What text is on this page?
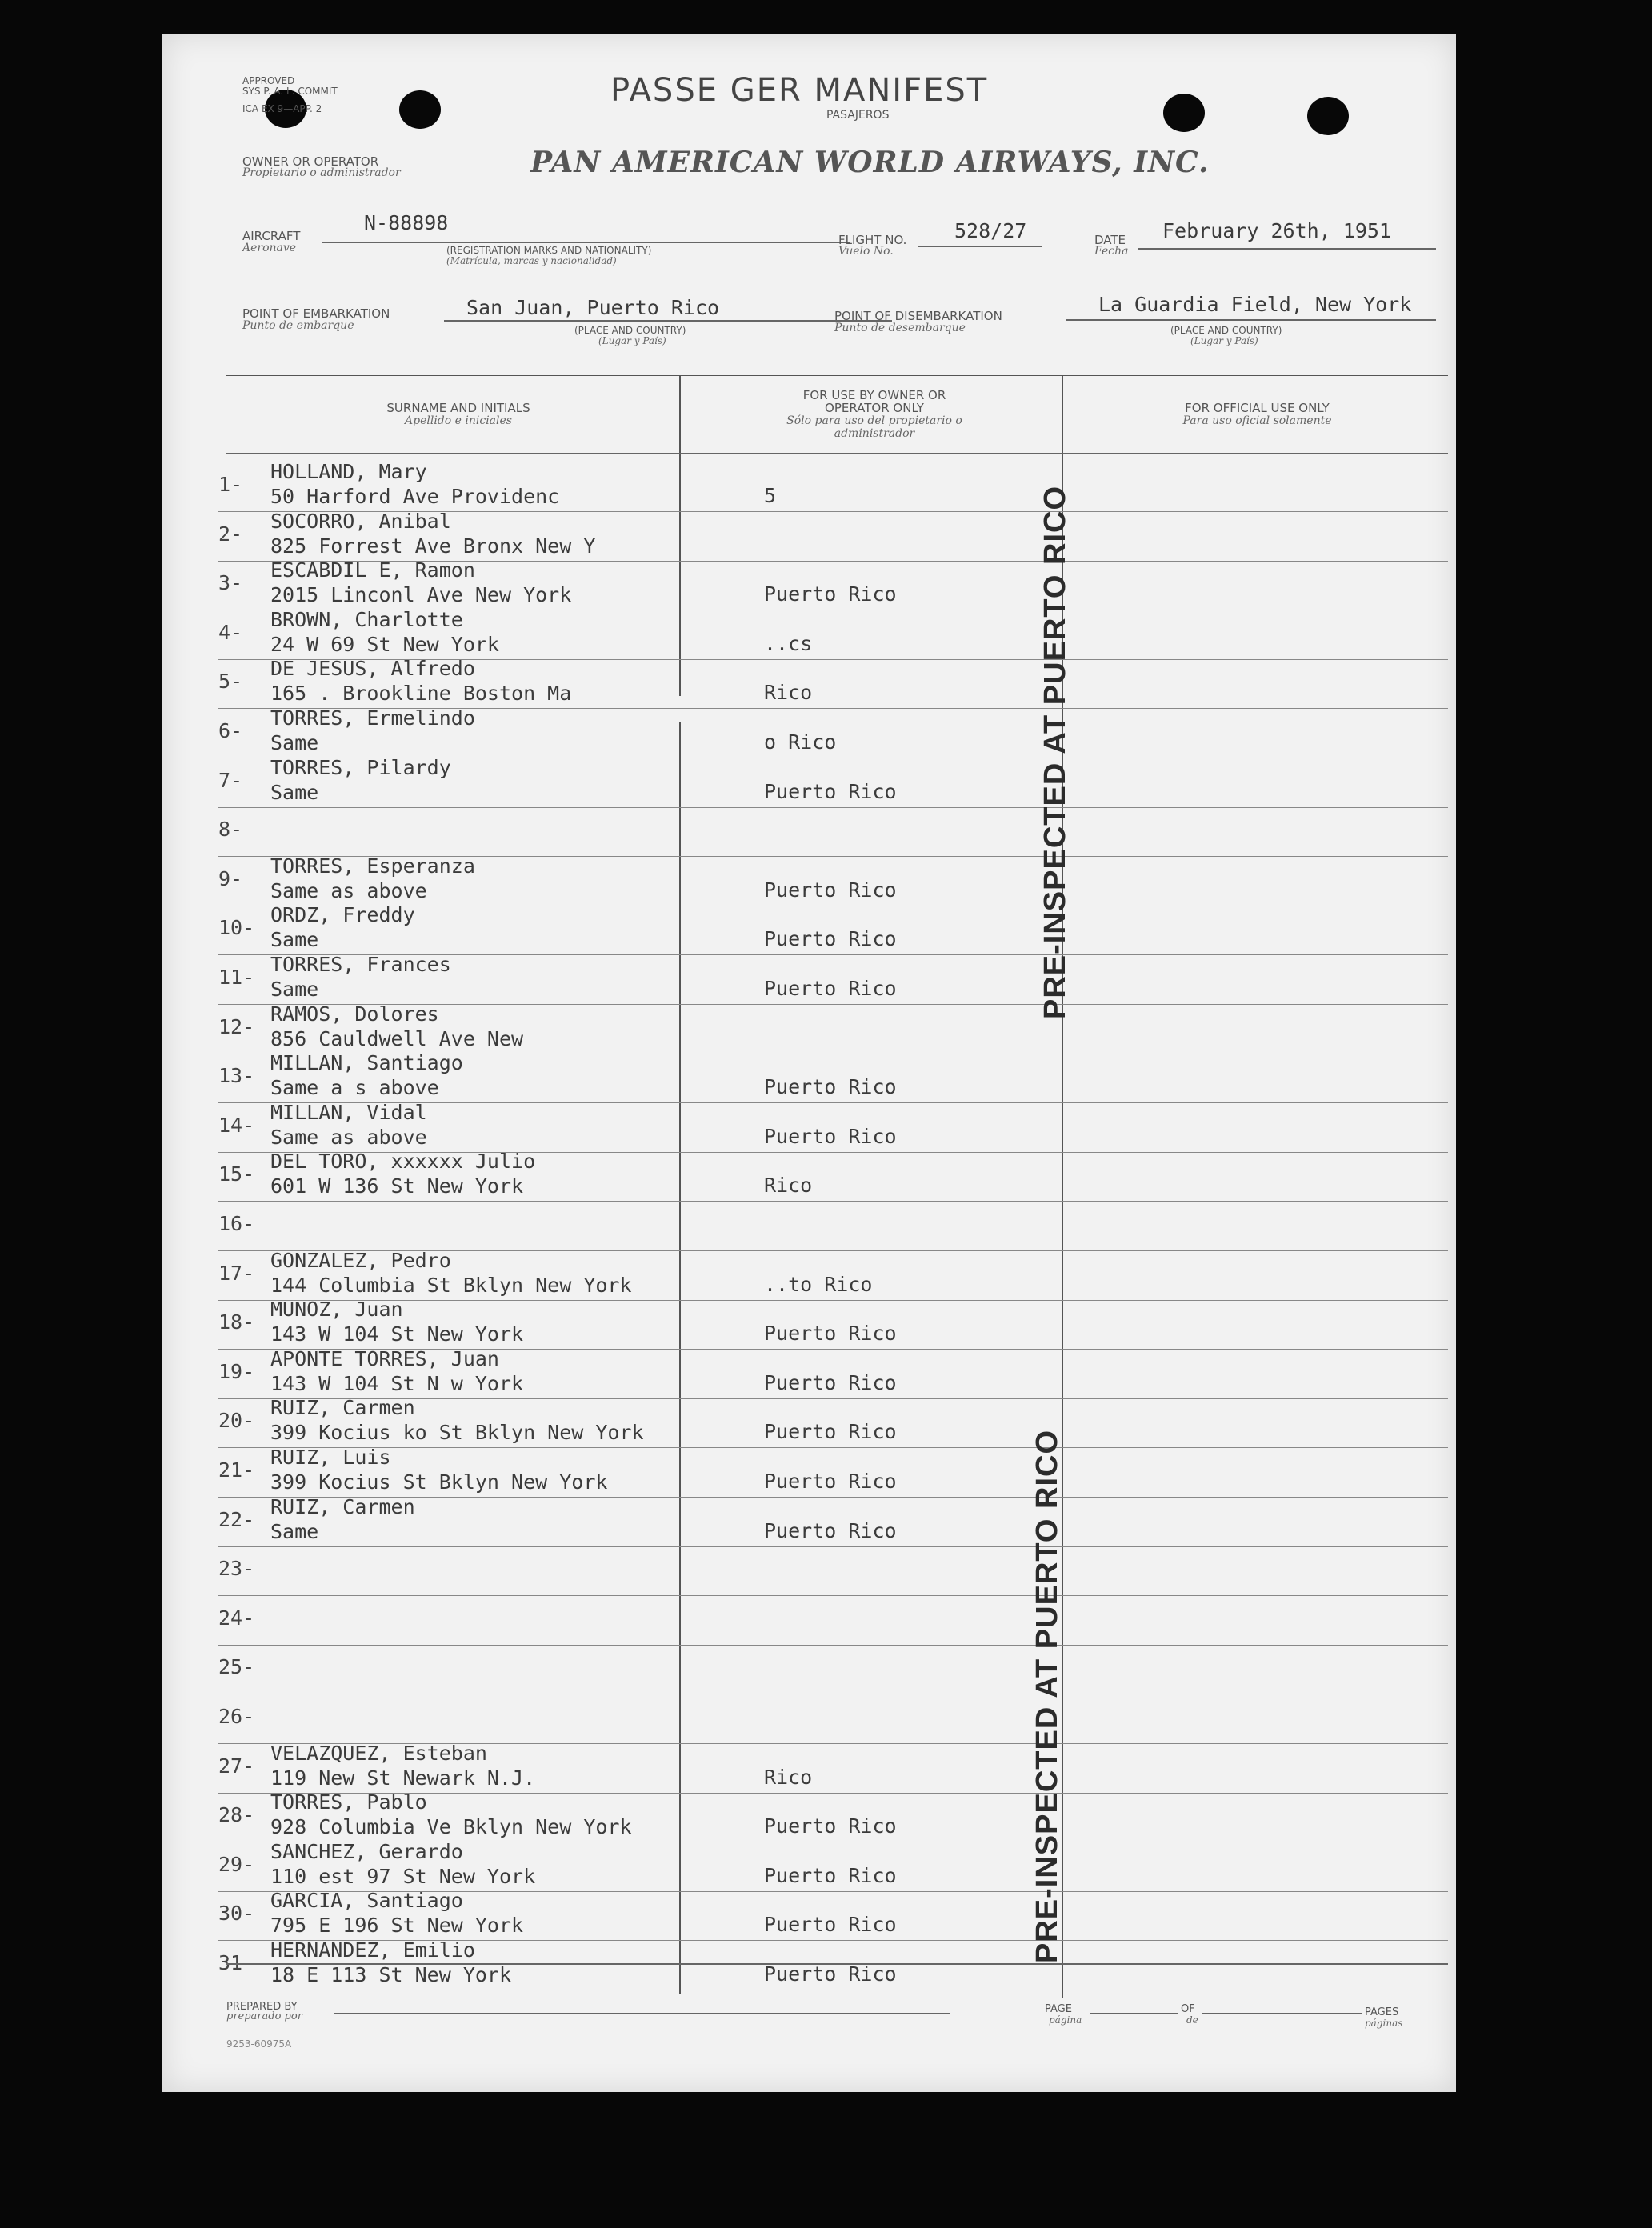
APPROVED
SYS P. A. L. COMMIT
ICA EX 9—APP. 2	PASSE GER MANIFEST
PASAJEROS
OWNER OR OPERATOR
Propietario o administrador	PAN AMERICAN WORLD AIRWAYS, INC.
AIRCRAFT
Aeronave
N-88898
(REGISTRATION MARKS AND NATIONALITY)
(Matrícula, marcas y nacionalidad)
FLIGHT NO.
Vuelo No.
528/27	DATE
Fecha
February 26th, 1951
POINT OF EMBARKATION
Punto de embarque
San Juan, Puerto Rico
(PLACE AND COUNTRY)
(Lugar y País)
POINT OF DISEMBARKATION
Punto de desembarque
La Guardia Field, New York
(PLACE AND COUNTRY)
(Lugar y País)
SURNAME AND INITIALS
Apellido e iniciales
FOR USE BY OWNER OR OPERATOR ONLY
Sólo para uso del propietario o administrador
FOR OFFICIAL USE ONLY
Para uso oficial solamente
1-
HOLLAND, Mary
50 Harford Ave Providenc	5
2-
SOCORRO, Anibal
825 Forrest Ave Bronx New Y
3-
ESCABDIL E, Ramon
2015 Linconl Ave New York	Puerto Rico
4-
BROWN, Charlotte
24 W 69 St New York	..cs
5-
DE JESUS, Alfredo
165 . Brookline Boston Ma	Rico
6-
TORRES, Ermelindo
Same	o Rico
7-
TORRES, Pilardy
Same	Puerto Rico
8-
9-
TORRES, Esperanza
Same as above	Puerto Rico
10-
ORDZ, Freddy
Same	Puerto Rico
11-
TORRES, Frances
Same	Puerto Rico
12-
RAMOS, Dolores
856 Cauldwell Ave New
13-
MILLAN, Santiago
Same a s above	Puerto Rico
14-
MILLAN, Vidal
Same as above	Puerto Rico
15-
DEL TORO, xxxxxx Julio
601 W 136 St New York	Rico
16-
17-
GONZALEZ, Pedro
144 Columbia St Bklyn New York	..to Rico
18-
MUNOZ, Juan
143 W 104 St New York	Puerto Rico
19-
APONTE TORRES, Juan
143 W 104 St N w York	Puerto Rico
20-
RUIZ, Carmen
399 Kocius ko St Bklyn New York	Puerto Rico
21-
RUIZ, Luis
399 Kocius St Bklyn New York	Puerto Rico
22-
RUIZ, Carmen
Same	Puerto Rico
23-
24-
25-
26-
27-
VELAZQUEZ, Esteban
119 New St Newark N.J.	Rico
28-
TORRES, Pablo
928 Columbia Ve Bklyn New York	Puerto Rico
29-
SANCHEZ, Gerardo
110 est 97 St New York	Puerto Rico
30-
GARCIA, Santiago
795 E 196 St New York	Puerto Rico
31-
HERNANDEZ, Emilio
18 E 113 St New York	Puerto Rico
PRE-INSPECTED AT PUERTO RICO
PRE-INSPECTED AT PUERTO RICO
PREPARED BY
preparado por
PAGE
página
OF
de
PAGES
páginas
9253-60975A
